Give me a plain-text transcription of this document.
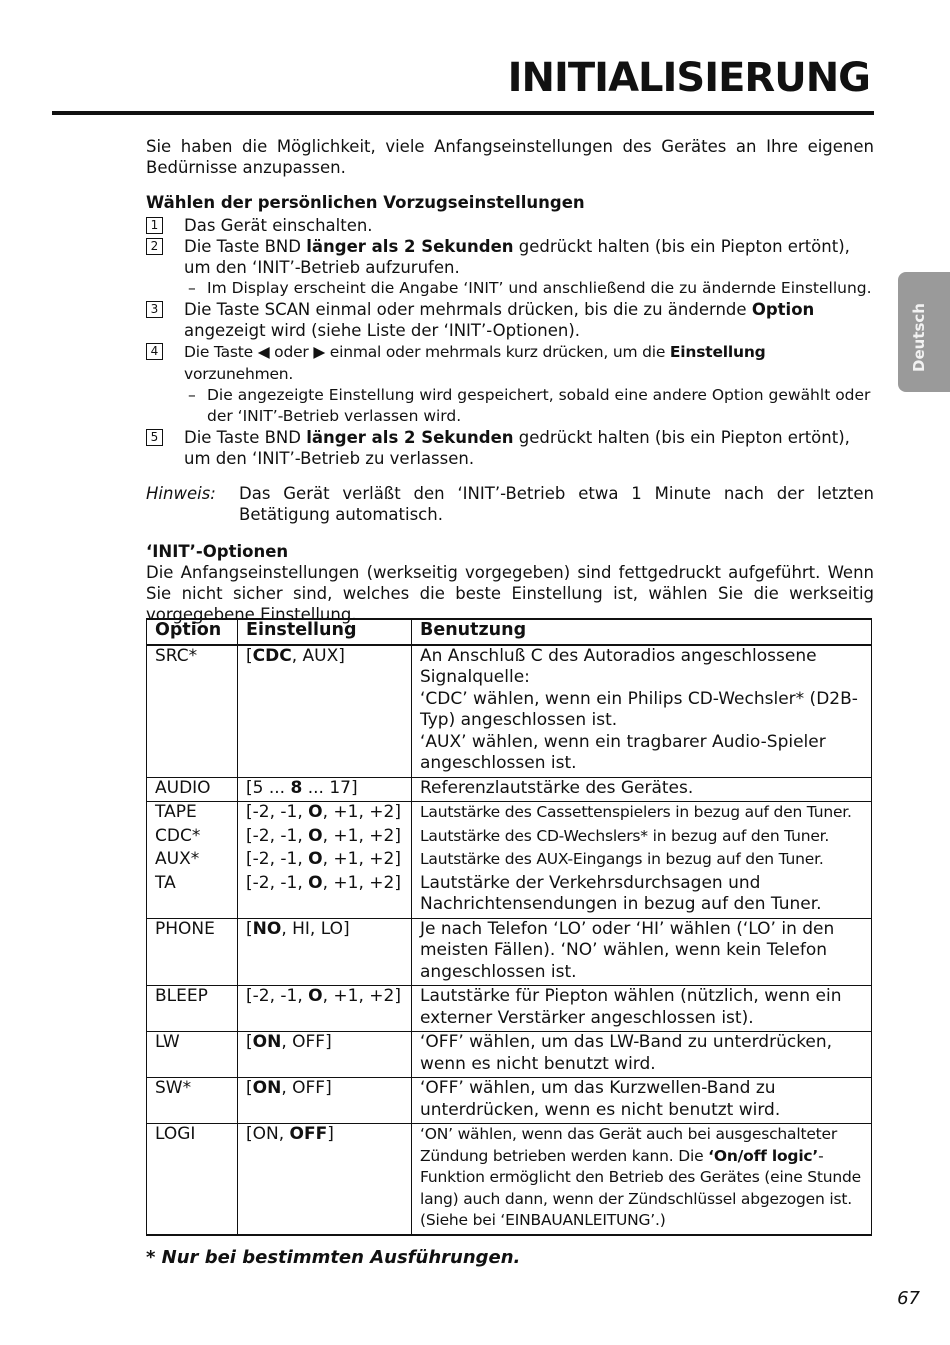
INITIALISIERUNG
Deutsch

Sie haben die Möglichkeit, viele Anfangseinstellungen des Gerätes an Ihre eigenen Bedürnisse anzupassen.

Wählen der persönlichen Vorzugseinstellungen

1 Das Gerät einschalten.
2 Die Taste BND länger als 2 Sekunden gedrückt halten (bis ein Piepton ertönt), um den ‘INIT’-Betrieb aufzurufen.
– Im Display erscheint die Angabe ‘INIT’ und anschließend die zu ändernde Einstellung.
3 Die Taste SCAN einmal oder mehrmals drücken, bis die zu ändernde Option angezeigt wird (siehe Liste der ‘INIT’-Optionen).
4	Die Taste ◀ oder ▶ einmal oder mehrmals kurz drücken, um die Einstellung vorzunehmen.
– Die angezeigte Einstellung wird gespeichert, sobald eine andere Option gewählt oder der ‘INIT’-Betrieb verlassen wird.
5 Die Taste BND länger als 2 Sekunden gedrückt halten (bis ein Piepton ertönt), um den ‘INIT’-Betrieb zu verlassen.
Hinweis:	Das Gerät verläßt den ‘INIT’-Betrieb etwa 1 Minute nach der letzten Betätigung automatisch.

‘INIT’-Optionen

Die Anfangseinstellungen (werkseitig vorgegeben) sind fettgedruckt aufgeführt. Wenn Sie nicht sicher sind, welches die beste Einstellung ist, wählen Sie die werkseitig vorgegebene Einstellung.

Option	Einstellung	Benutzung
SRC*	[CDC, AUX]	An Anschluß C des Autoradios angeschlossene Signalquelle:
‘CDC’ wählen, wenn ein Philips CD-Wechsler* (D2B-Typ) angeschlossen ist.
‘AUX’ wählen, wenn ein tragbarer Audio-Spieler angeschlossen ist.
AUDIO	[5 ... 8 ... 17]	Referenzlautstärke des Gerätes.
TAPE	[-2, -1, O, +1, +2]	Lautstärke des Cassettenspielers in bezug auf den Tuner.
CDC*	[-2, -1, O, +1, +2]	Lautstärke des CD-Wechslers* in bezug auf den Tuner.
AUX*	[-2, -1, O, +1, +2]	Lautstärke des AUX-Eingangs in bezug auf den Tuner.
TA	[-2, -1, O, +1, +2]	Lautstärke der Verkehrsdurchsagen und Nachrichtensendungen in bezug auf den Tuner.
PHONE	[NO, HI, LO]	Je nach Telefon ‘LO’ oder ‘HI’ wählen (‘LO’ in den meisten Fällen). ‘NO’ wählen, wenn kein Telefon angeschlossen ist.
BLEEP	[-2, -1, O, +1, +2]	Lautstärke für Piepton wählen (nützlich, wenn ein externer Verstärker angeschlossen ist).
LW	[ON, OFF]	‘OFF’ wählen, um das LW-Band zu unterdrücken, wenn es nicht benutzt wird.
SW*	[ON, OFF]	‘OFF’ wählen, um das Kurzwellen-Band zu unterdrücken, wenn es nicht benutzt wird.
LOGI	[ON, OFF]	‘ON’ wählen, wenn das Gerät auch bei ausgeschalteter Zündung betrieben werden kann. Die ‘On/off logic’-Funktion ermöglicht den Betrieb des Gerätes (eine Stunde lang) auch dann, wenn der Zündschlüssel abgezogen ist. (Siehe bei ‘EINBAUANLEITUNG’.)
* Nur bei bestimmten Ausführungen.
67
